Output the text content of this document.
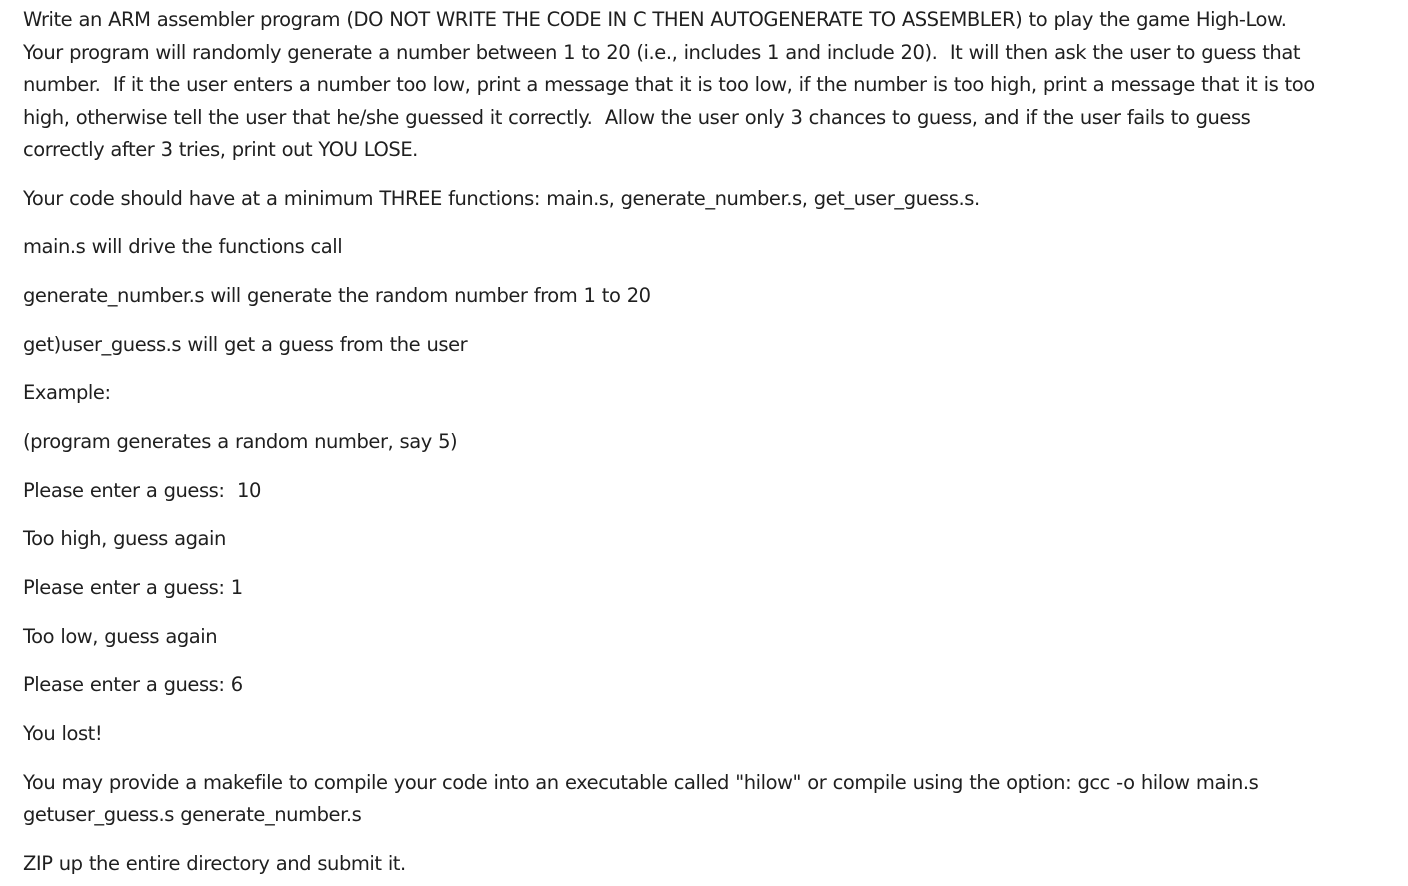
Write an ARM assembler program (DO NOT WRITE THE CODE IN C THEN AUTOGENERATE TO ASSEMBLER) to play the game High-Low.  Your program will randomly generate a number between 1 to 20 (i.e., includes 1 and include 20).  It will then ask the user to guess that number.  If it the user enters a number too low, print a message that it is too low, if the number is too high, print a message that it is too high, otherwise tell the user that he/she guessed it correctly.  Allow the user only 3 chances to guess, and if the user fails to guess correctly after 3 tries, print out YOU LOSE.

Your code should have at a minimum THREE functions: main.s, generate_number.s, get_user_guess.s.

main.s will drive the functions call

generate_number.s will generate the random number from 1 to 20

get)user_guess.s will get a guess from the user

Example:

(program generates a random number, say 5)

Please enter a guess:  10

Too high, guess again

Please enter a guess: 1

Too low, guess again

Please enter a guess: 6

You lost!

You may provide a makefile to compile your code into an executable called "hilow" or compile using the option: gcc -o hilow main.s getuser_guess.s generate_number.s

ZIP up the entire directory and submit it.
